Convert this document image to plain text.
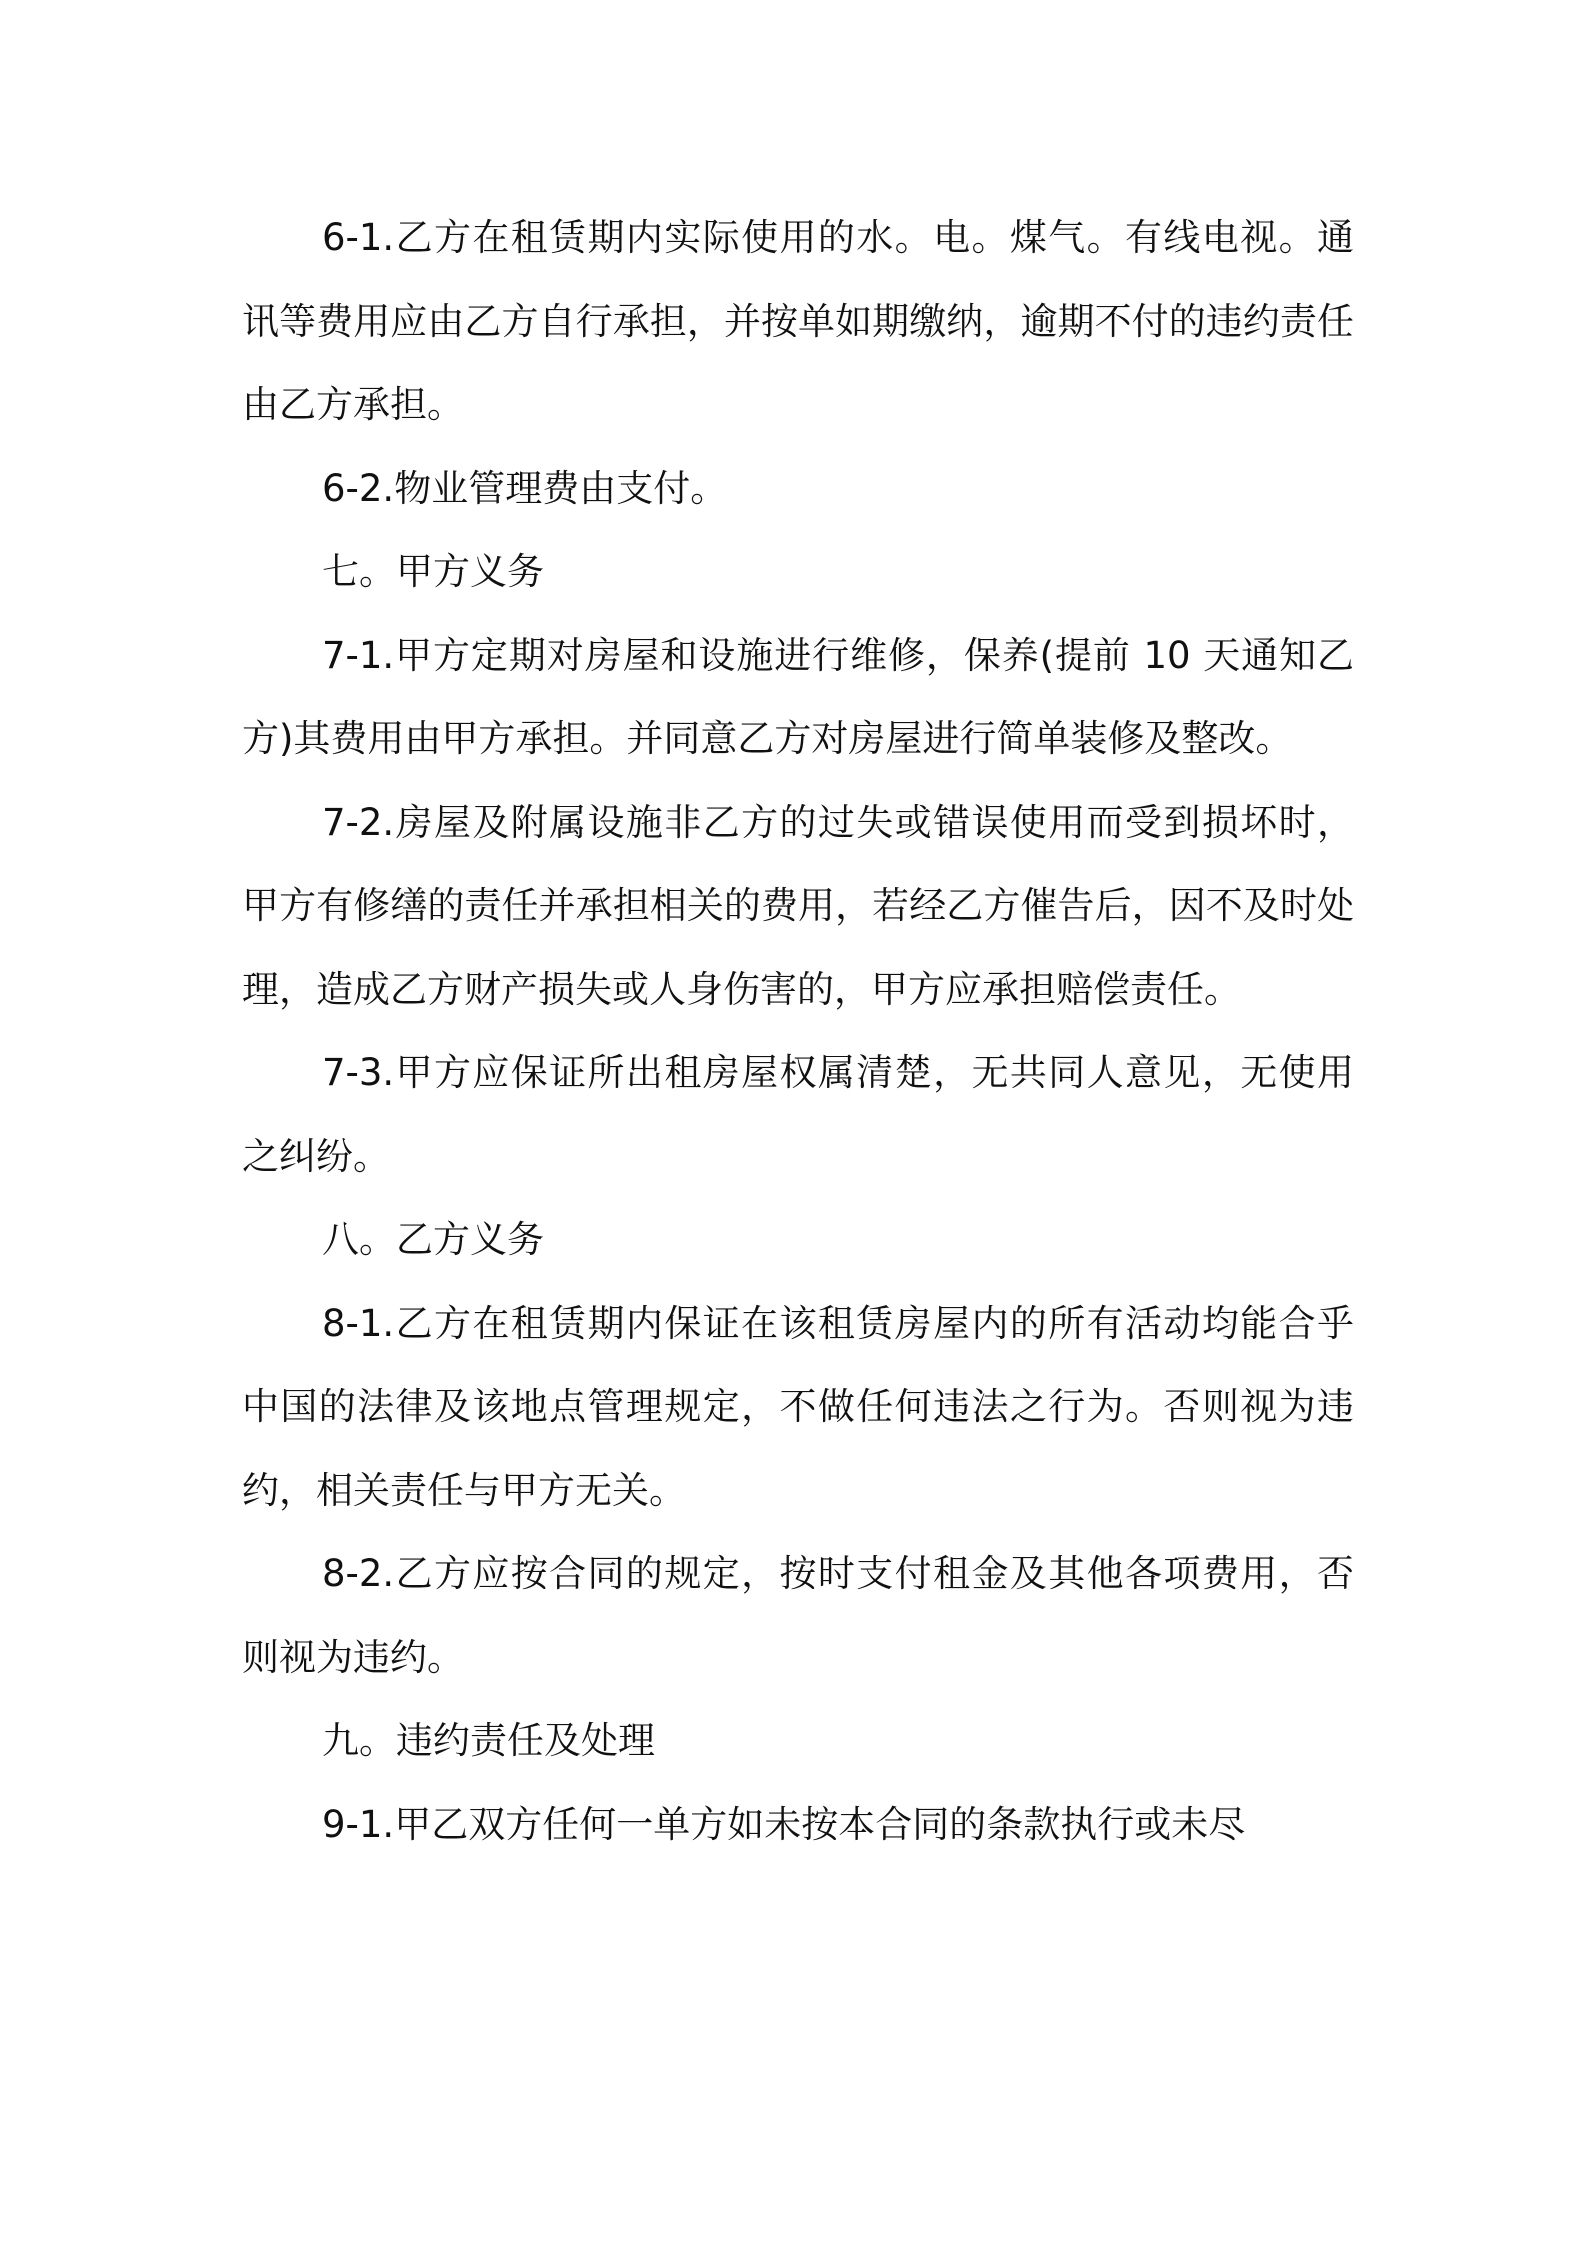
6-1.乙方在租赁期内实际使用的水。电。煤气。有线电视。通讯等费用应由乙方自行承担，并按单如期缴纳，逾期不付的违约责任由乙方承担。

6-2.物业管理费由支付。

七。甲方义务

7-1.甲方定期对房屋和设施进行维修，保养(提前 10 天通知乙方)其费用由甲方承担。并同意乙方对房屋进行简单装修及整改。

7-2.房屋及附属设施非乙方的过失或错误使用而受到损坏时，甲方有修缮的责任并承担相关的费用，若经乙方催告后，因不及时处理，造成乙方财产损失或人身伤害的，甲方应承担赔偿责任。

7-3.甲方应保证所出租房屋权属清楚，无共同人意见，无使用之纠纷。

八。乙方义务

8-1.乙方在租赁期内保证在该租赁房屋内的所有活动均能合乎中国的法律及该地点管理规定，不做任何违法之行为。否则视为违约，相关责任与甲方无关。

8-2.乙方应按合同的规定，按时支付租金及其他各项费用，否则视为违约。

九。违约责任及处理

9-1.甲乙双方任何一单方如未按本合同的条款执行或未尽
